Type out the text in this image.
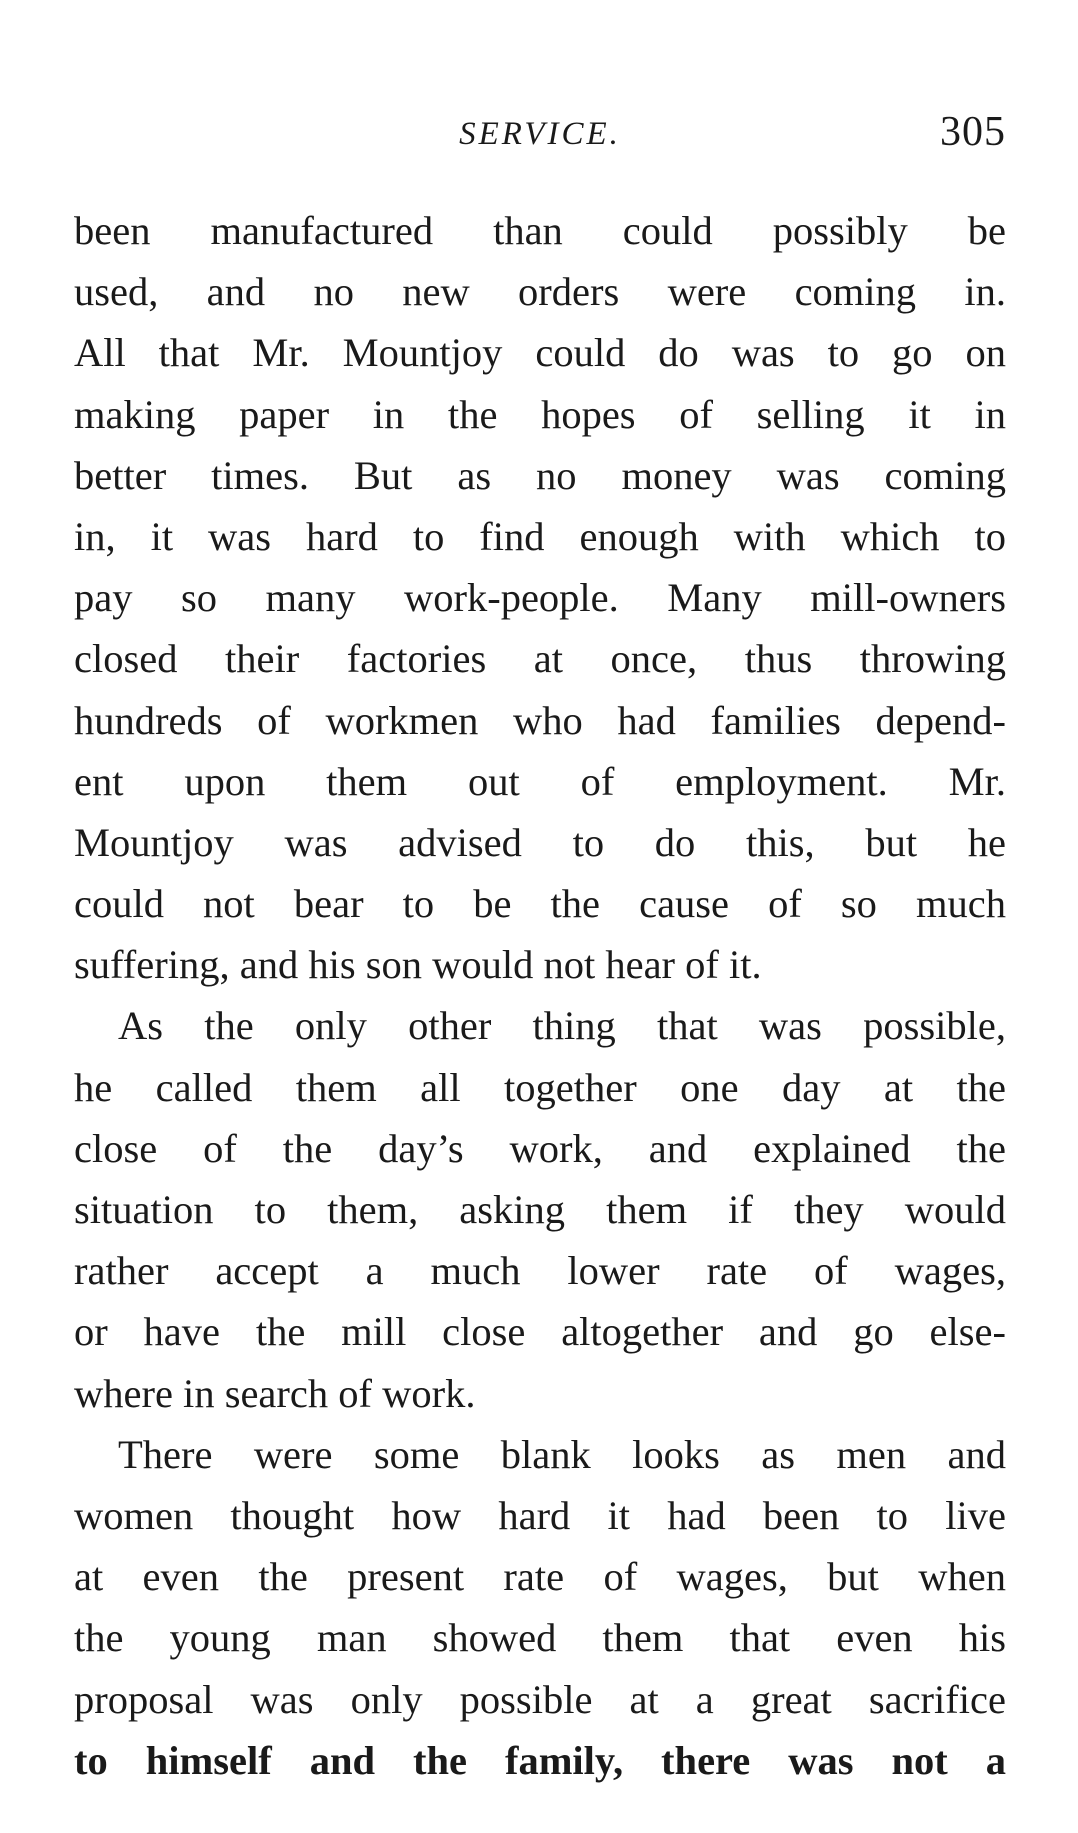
SERVICE.	305
been manufactured than could possibly be
used, and no new orders were coming in.
All that Mr. Mountjoy could do was to go on
making paper in the hopes of selling it in
better times. But as no money was coming
in, it was hard to find enough with which to
pay so many work-people. Many mill-owners
closed their factories at once, thus throwing
hundreds of workmen who had families depend-
ent upon them out of employment. Mr.
Mountjoy was advised to do this, but he
could not bear to be the cause of so much
suffering, and his son would not hear of it.
As the only other thing that was possible,
he called them all together one day at the
close of the day’s work, and explained the
situation to them, asking them if they would
rather accept a much lower rate of wages,
or have the mill close altogether and go else-
where in search of work.
There were some blank looks as men and
women thought how hard it had been to live
at even the present rate of wages, but when
the young man showed them that even his
proposal was only possible at a great sacrifice
to himself and the family, there was not a
